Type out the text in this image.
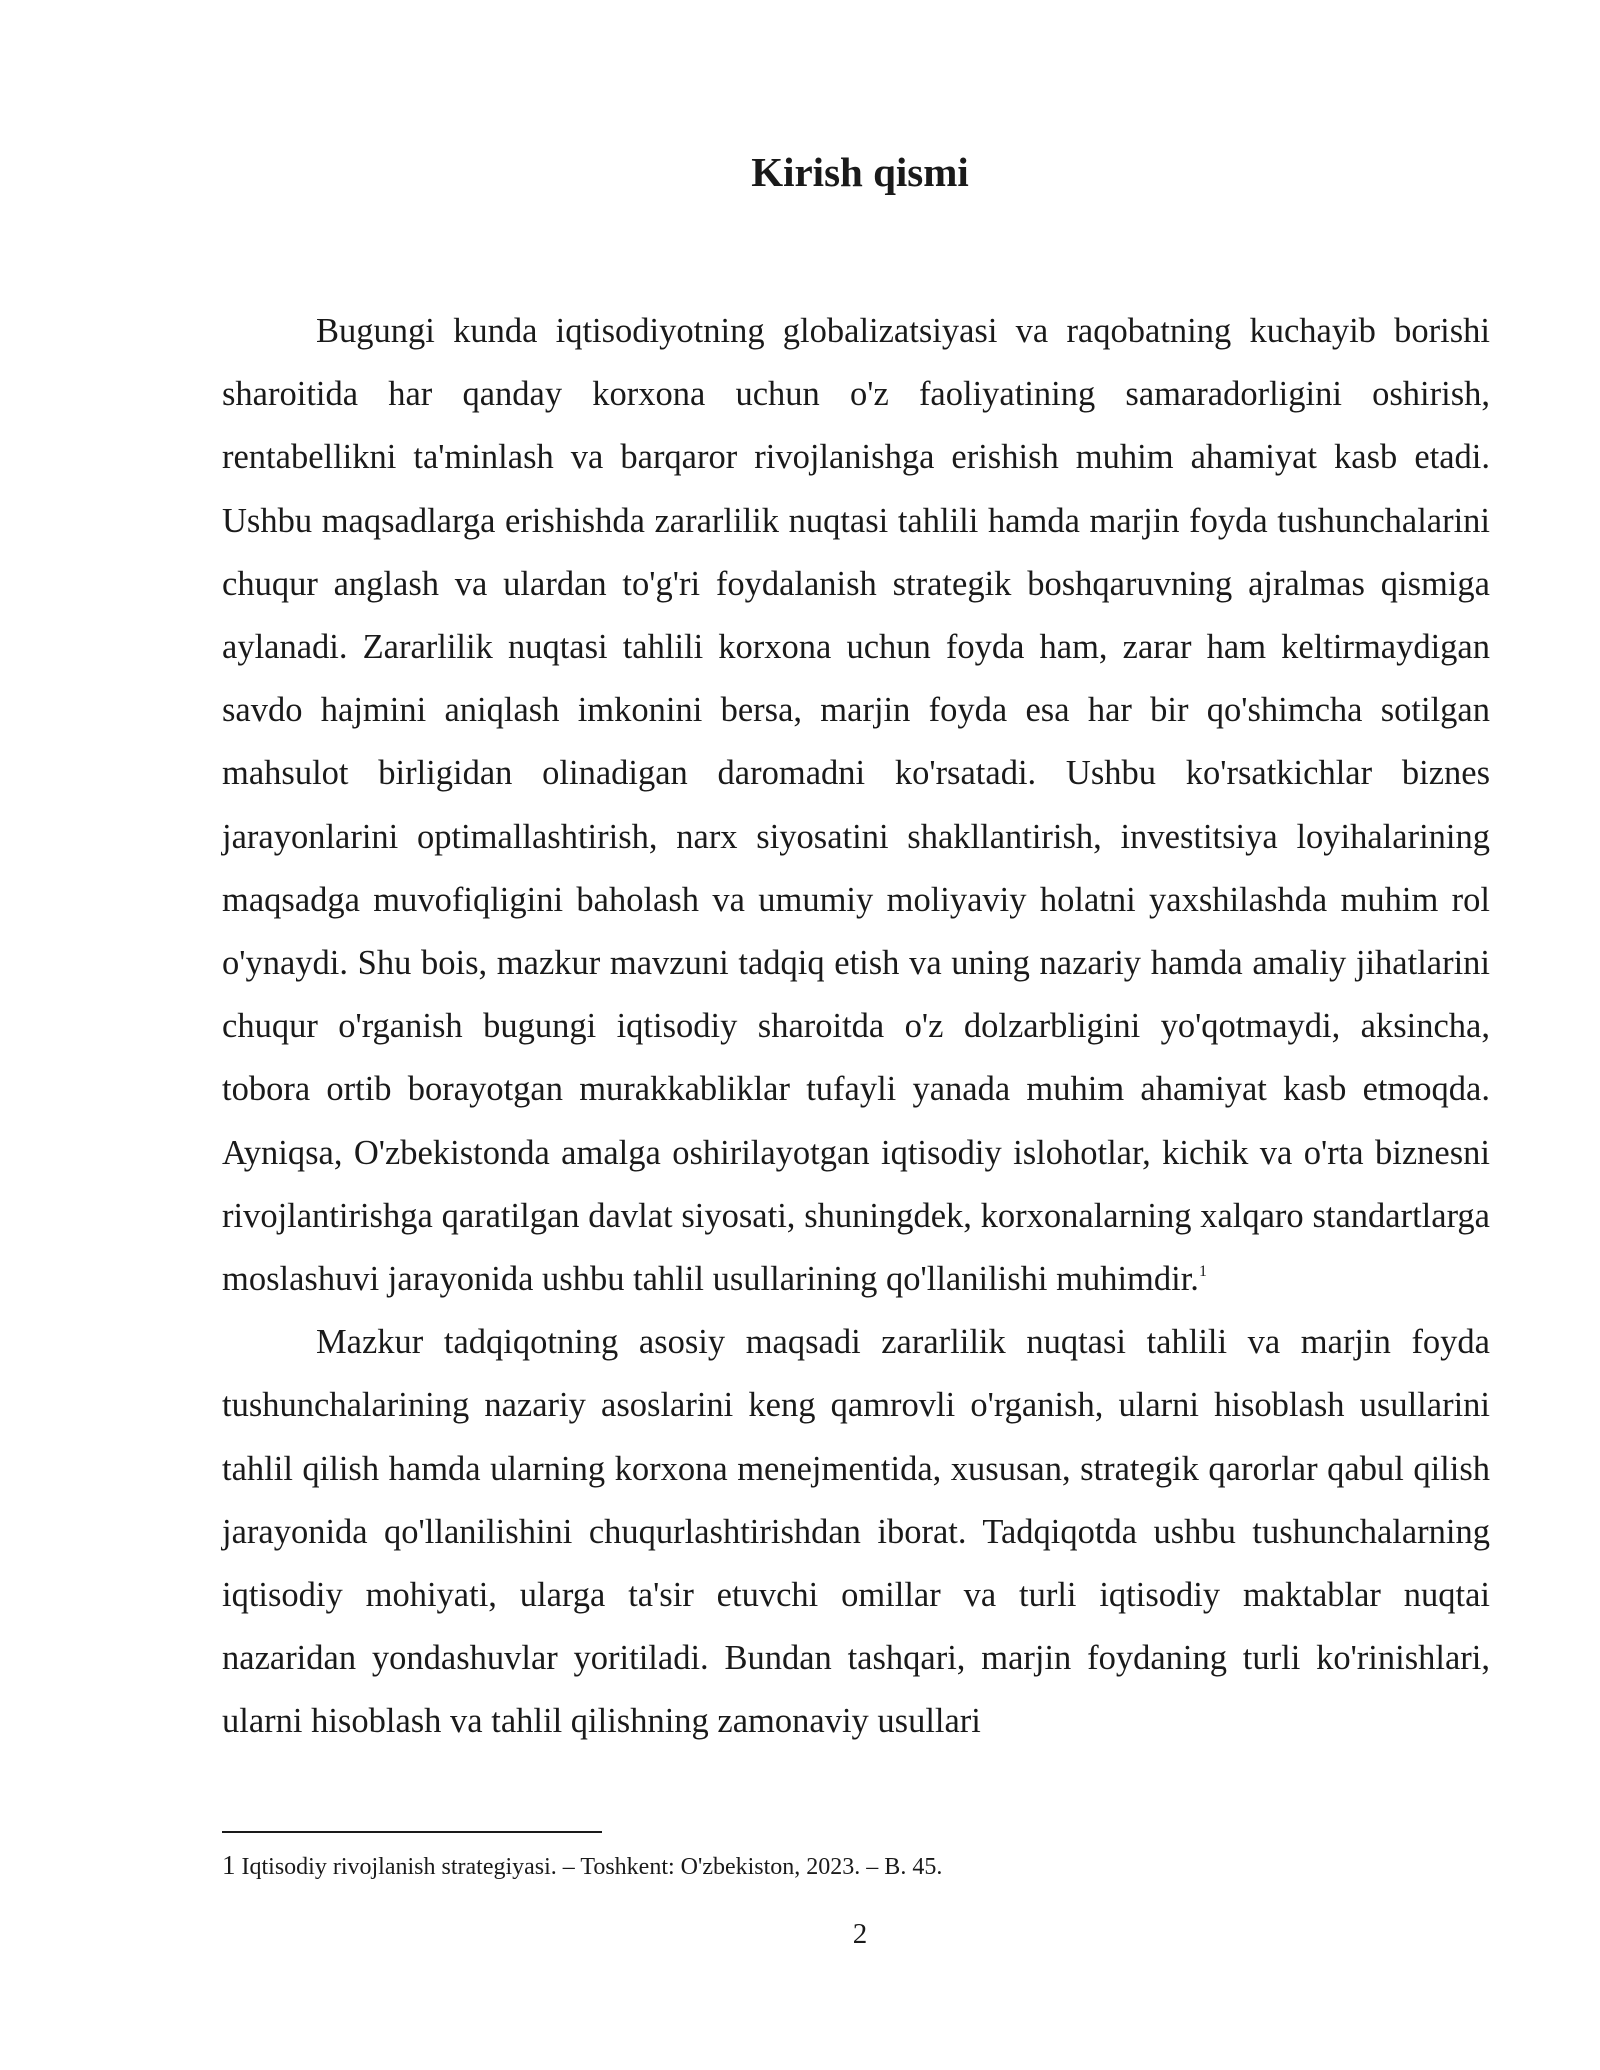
Kirish qismi

Bugungi kunda iqtisodiyotning globalizatsiyasi va raqobatning kuchayib borishi sharoitida har qanday korxona uchun o'z faoliyatining samaradorligini oshirish, rentabellikni ta'minlash va barqaror rivojlanishga erishish muhim ahamiyat kasb etadi. Ushbu maqsadlarga erishishda zararlilik nuqtasi tahlili hamda marjin foyda tushunchalarini chuqur anglash va ulardan to'g'ri foydalanish strategik boshqaruvning ajralmas qismiga aylanadi. Zararlilik nuqtasi tahlili korxona uchun foyda ham, zarar ham keltirmaydigan savdo hajmini aniqlash imkonini bersa, marjin foyda esa har bir qo'shimcha sotilgan mahsulot birligidan olinadigan daromadni ko'rsatadi. Ushbu ko'rsatkichlar biznes jarayonlarini optimallashtirish, narx siyosatini shakllantirish, investitsiya loyihalarining maqsadga muvofiqligini baholash va umumiy moliyaviy holatni yaxshilashda muhim rol o'ynaydi. Shu bois, mazkur mavzuni tadqiq etish va uning nazariy hamda amaliy jihatlarini chuqur o'rganish bugungi iqtisodiy sharoitda o'z dolzarbligini yo'qotmaydi, aksincha, tobora ortib borayotgan murakkabliklar tufayli yanada muhim ahamiyat kasb etmoqda. Ayniqsa, O'zbekistonda amalga oshirilayotgan iqtisodiy islohotlar, kichik va o'rta biznesni rivojlantirishga qaratilgan davlat siyosati, shuningdek, korxonalarning xalqaro standartlarga moslashuvi jarayonida ushbu tahlil usullarining qo'llanilishi muhimdir.$^1$

Mazkur tadqiqotning asosiy maqsadi zararlilik nuqtasi tahlili va marjin foyda tushunchalarining nazariy asoslarini keng qamrovli o'rganish, ularni hisoblash usullarini tahlil qilish hamda ularning korxona menejmentida, xususan, strategik qarorlar qabul qilish jarayonida qo'llanilishini chuqurlashtirishdan iborat. Tadqiqotda ushbu tushunchalarning iqtisodiy mohiyati, ularga ta'sir etuvchi omillar va turli iqtisodiy maktablar nuqtai nazaridan yondashuvlar yoritiladi. Bundan tashqari, marjin foydaning turli ko'rinishlari, ularni hisoblash va tahlil qilishning zamonaviy usullari

1 Iqtisodiy rivojlanish strategiyasi. – Toshkent: O'zbekiston, 2023. – B. 45.

2
